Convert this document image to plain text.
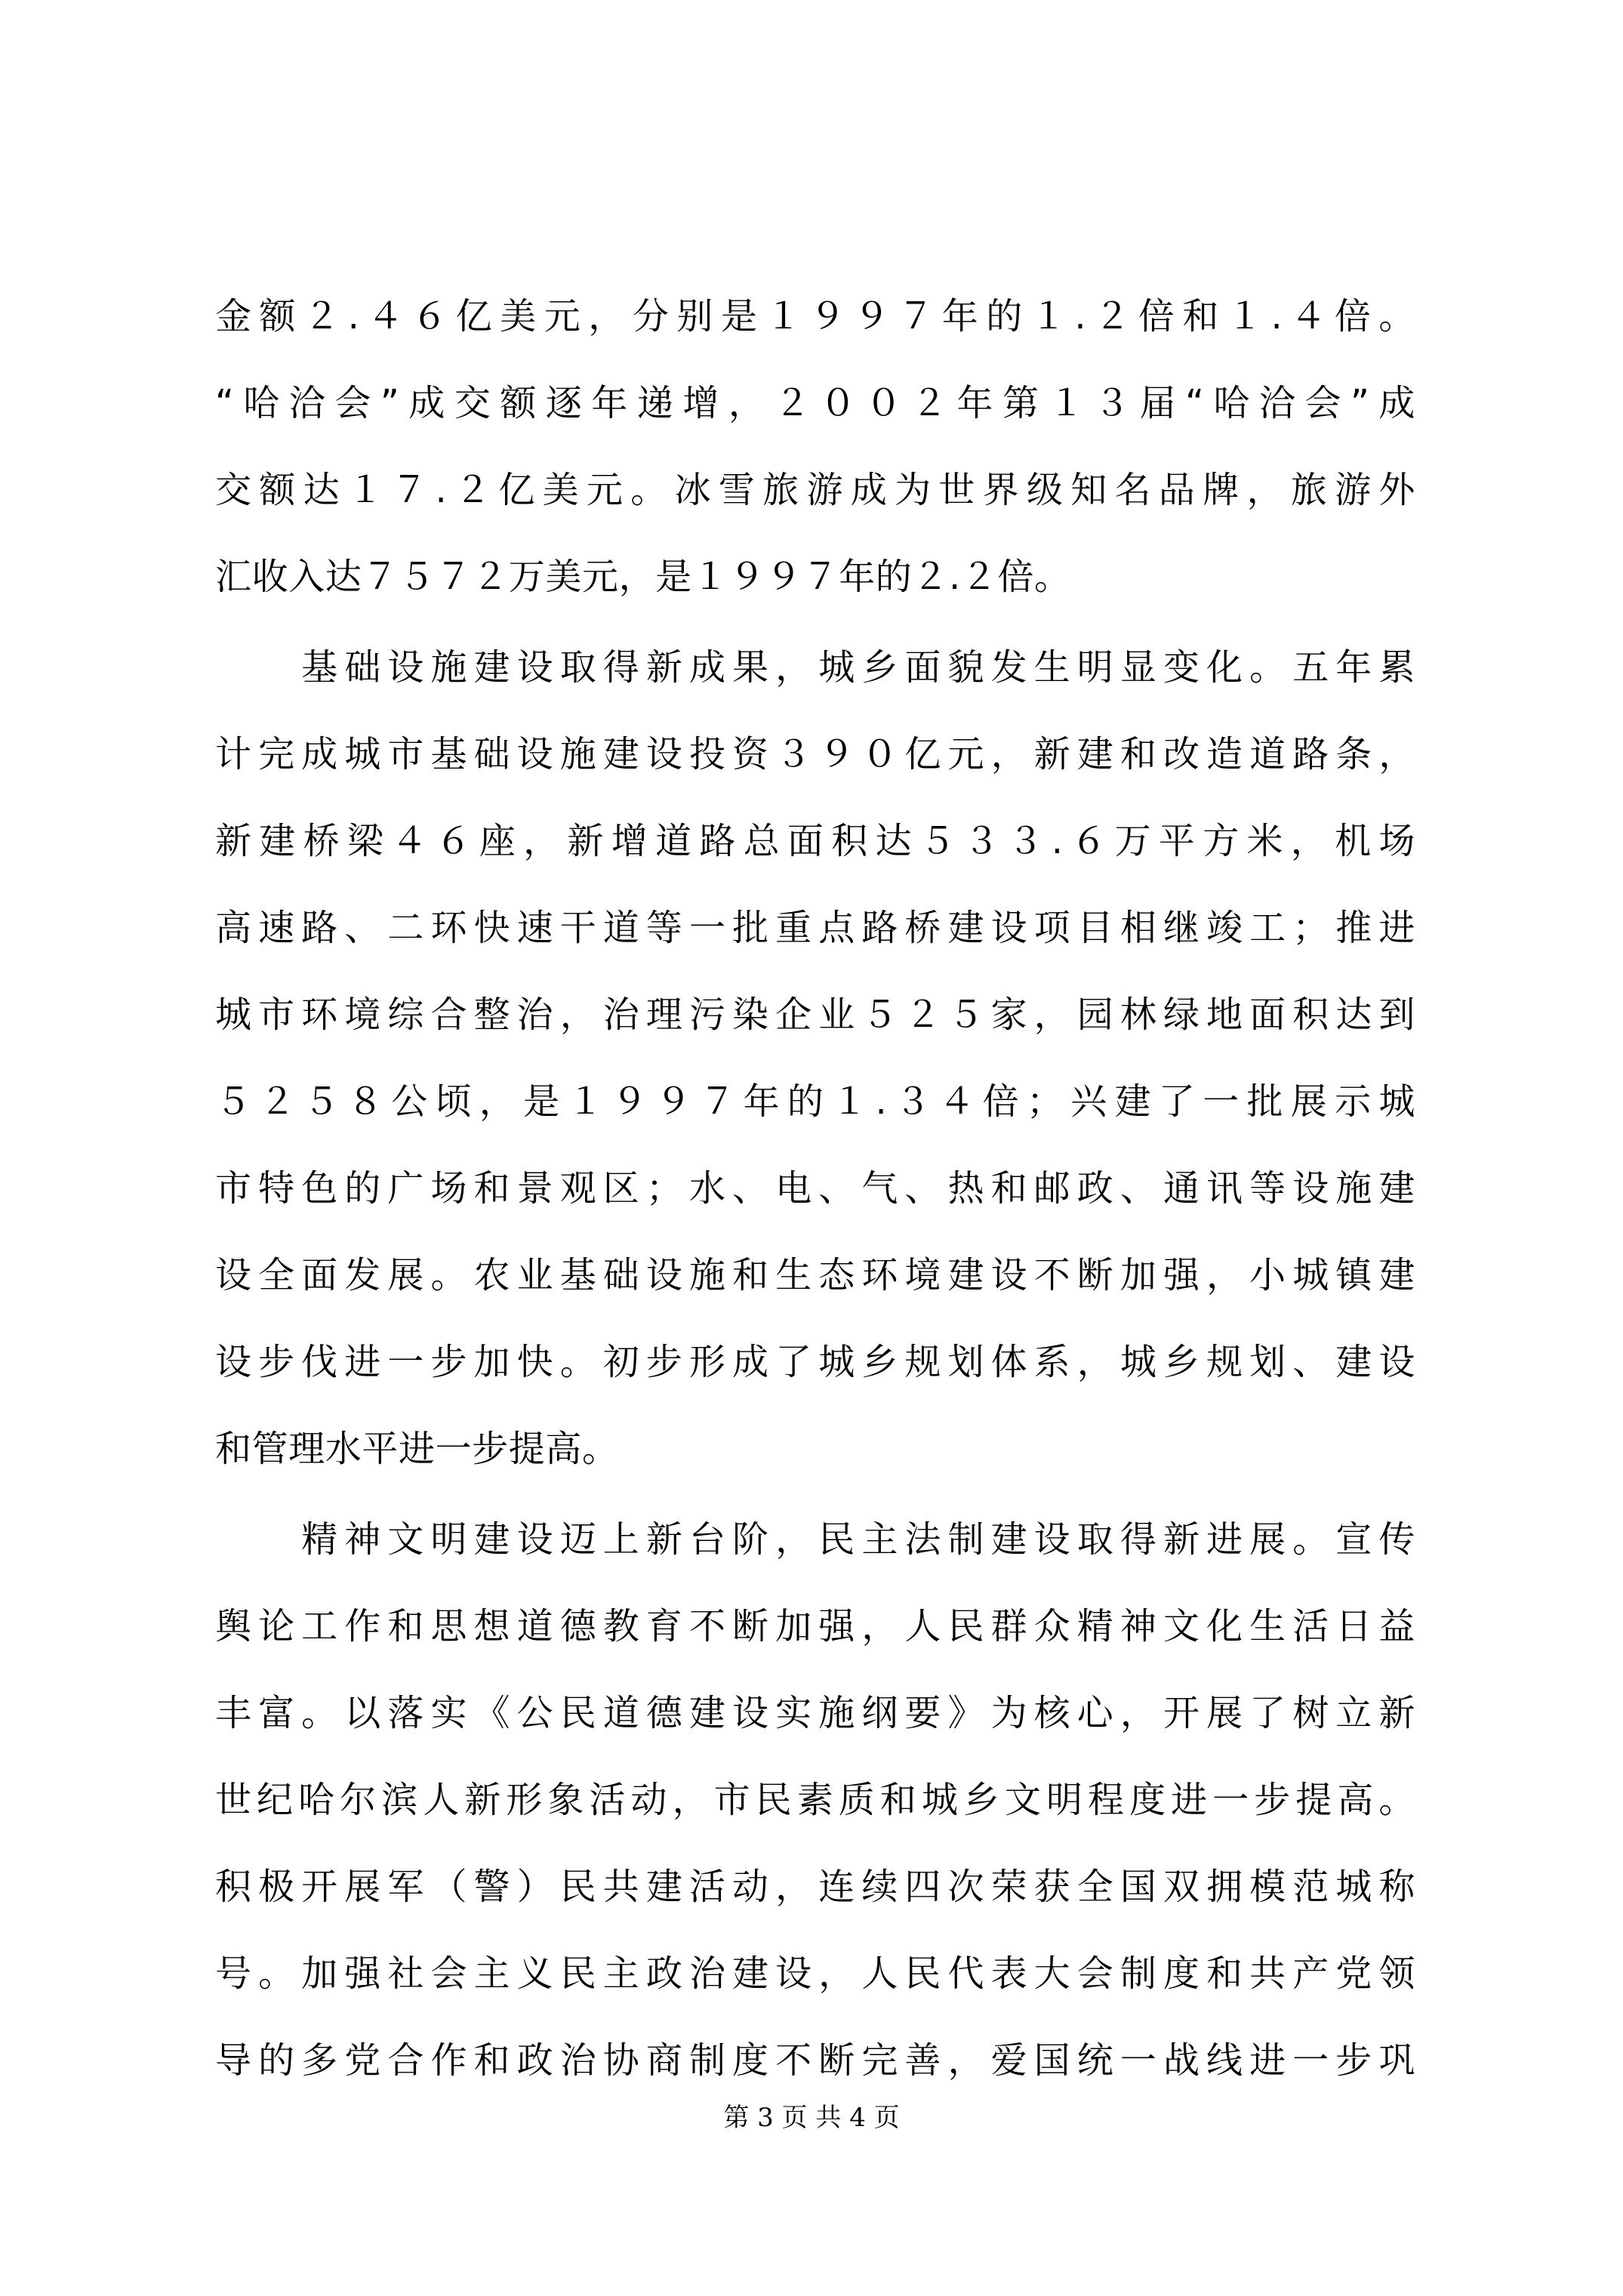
金额２.４６亿美元，分别是１９９７年的１.２倍和１.４倍。
“哈洽会”成交额逐年递增，２００２年第１３届“哈洽会”成
交额达１７.２亿美元。冰雪旅游成为世界级知名品牌，旅游外
汇收入达７５７２万美元，是１９９７年的２.２倍。
　　基础设施建设取得新成果，城乡面貌发生明显变化。五年累
计完成城市基础设施建设投资３９０亿元，新建和改造道路条，
新建桥梁４６座，新增道路总面积达５３３.６万平方米，机场
高速路、二环快速干道等一批重点路桥建设项目相继竣工；推进
城市环境综合整治，治理污染企业５２５家，园林绿地面积达到
５２５８公顷，是１９９７年的１.３４倍；兴建了一批展示城
市特色的广场和景观区；水、电、气、热和邮政、通讯等设施建
设全面发展。农业基础设施和生态环境建设不断加强，小城镇建
设步伐进一步加快。初步形成了城乡规划体系，城乡规划、建设
和管理水平进一步提高。
　　精神文明建设迈上新台阶，民主法制建设取得新进展。宣传
舆论工作和思想道德教育不断加强，人民群众精神文化生活日益
丰富。以落实《公民道德建设实施纲要》为核心，开展了树立新
世纪哈尔滨人新形象活动，市民素质和城乡文明程度进一步提高。
积极开展军（警）民共建活动，连续四次荣获全国双拥模范城称
号。加强社会主义民主政治建设，人民代表大会制度和共产党领
导的多党合作和政治协商制度不断完善，爱国统一战线进一步巩
第 3 页 共 4 页
